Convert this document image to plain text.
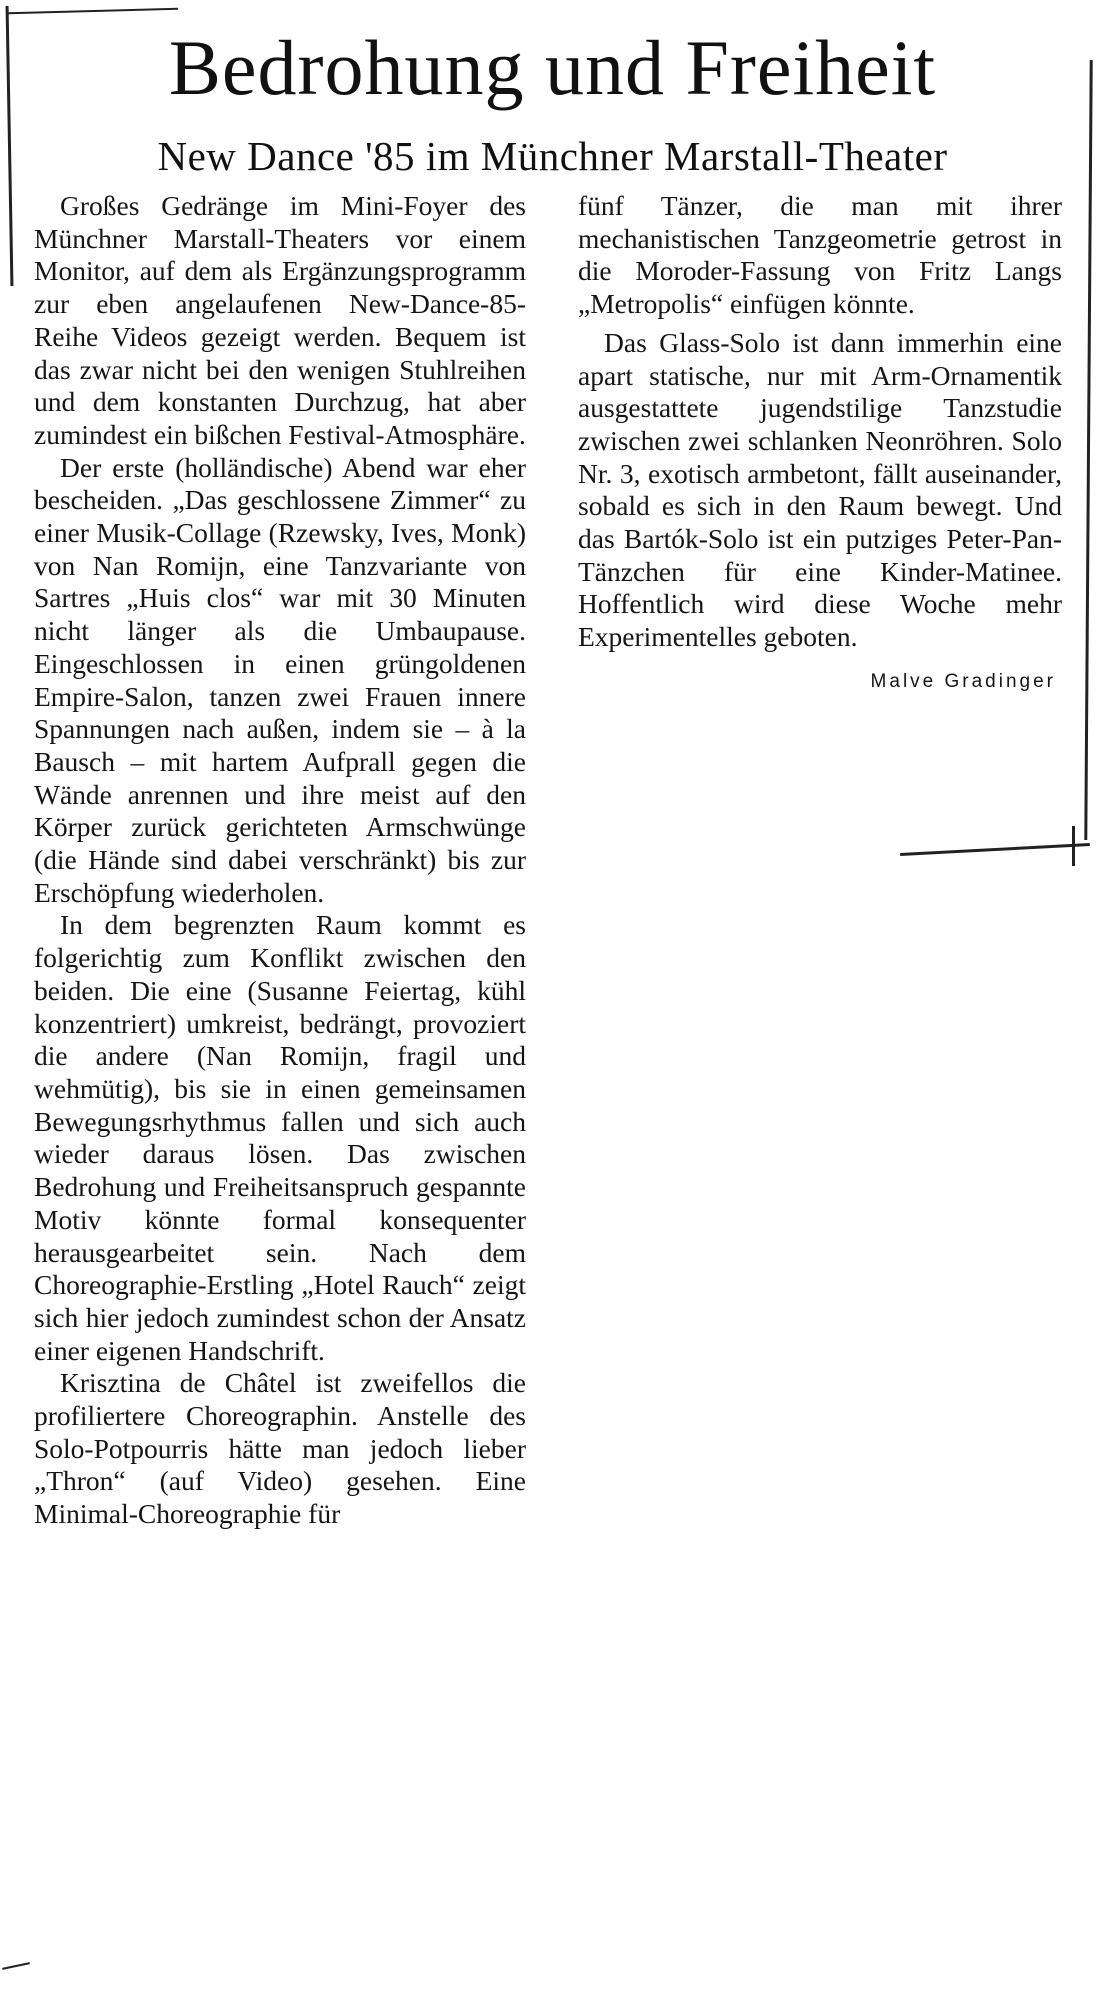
Bedrohung und Freiheit
New Dance '85 im Münchner Marstall-Theater

Großes Gedränge im Mini-Foyer des Münchner Marstall-Theaters vor einem Monitor, auf dem als Ergänzungsprogramm zur eben angelaufenen New-Dance-85-Reihe Videos gezeigt werden. Bequem ist das zwar nicht bei den wenigen Stuhlreihen und dem konstanten Durchzug, hat aber zumindest ein bißchen Festival-Atmosphäre.

Der erste (holländische) Abend war eher bescheiden. „Das geschlossene Zimmer“ zu einer Musik-Collage (Rzewsky, Ives, Monk) von Nan Romijn, eine Tanzvariante von Sartres „Huis clos“ war mit 30 Minuten nicht länger als die Umbaupause. Eingeschlossen in einen grüngoldenen Empire-Salon, tanzen zwei Frauen innere Spannungen nach außen, indem sie – à la Bausch – mit hartem Aufprall gegen die Wände anrennen und ihre meist auf den Körper zurück gerichteten Armschwünge (die Hände sind dabei verschränkt) bis zur Erschöpfung wiederholen.

In dem begrenzten Raum kommt es folgerichtig zum Konflikt zwischen den beiden. Die eine (Susanne Feiertag, kühl konzentriert) umkreist, bedrängt, provoziert die andere (Nan Romijn, fragil und wehmütig), bis sie in einen gemeinsamen Bewegungsrhythmus fallen und sich auch wieder daraus lösen. Das zwischen Bedrohung und Freiheitsanspruch gespannte Motiv könnte formal konsequenter herausgearbeitet sein. Nach dem Choreographie-Erstling „Hotel Rauch“ zeigt sich hier jedoch zumindest schon der Ansatz einer eigenen Handschrift.

Krisztina de Châtel ist zweifellos die profiliertere Choreographin. Anstelle des Solo-Potpourris hätte man jedoch lieber „Thron“ (auf Video) gesehen. Eine Minimal-Choreographie für

fünf Tänzer, die man mit ihrer mechanistischen Tanzgeometrie getrost in die Moroder-Fassung von Fritz Langs „Metropolis“ einfügen könnte.

Das Glass-Solo ist dann immerhin eine apart statische, nur mit Arm-Ornamentik ausgestattete jugendstilige Tanzstudie zwischen zwei schlanken Neonröhren. Solo Nr. 3, exotisch armbetont, fällt auseinander, sobald es sich in den Raum bewegt. Und das Bartók-Solo ist ein putziges Peter-Pan-Tänzchen für eine Kinder-Matinee. Hoffentlich wird diese Woche mehr Experimentelles geboten.

Malve Gradinger
